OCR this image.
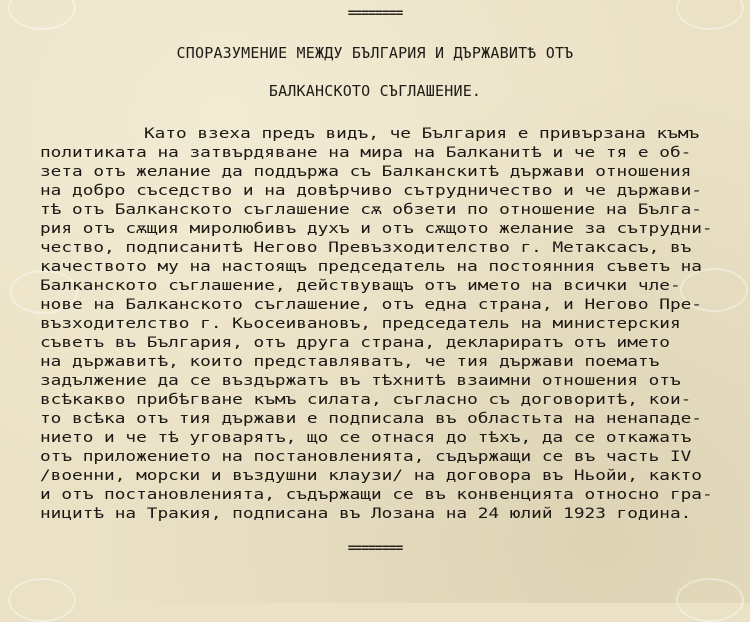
========
СПОРАЗУМЕНИЕ МЕЖДУ БЪЛГАРИЯ И ДЪРЖАВИТѢ ОТЪ
БАЛКАНСКОТО СЪГЛАШЕНИЕ.
Като взеха предъ видъ, че България е привързана къмъ
политиката на затвърдяване на мира на Балканитѣ и че тя е об-
зета отъ желание да поддържа съ Балканскитѣ държави отношения
на добро съседство и на довѣрчиво сътрудничество и че държави-
тѣ отъ Балканското съглашение сѫ обзети по отношение на Бълга-
рия отъ сѫщия миролюбивъ духъ и отъ сѫщото желание за сътрудни-
чество, подписанитѣ Негово Превъзходителство г. Метаксасъ, въ
качеството му на настоящъ председатель на постоянния съветъ на
Балканското съглашение, действуващъ отъ името на всички чле-
нове на Балканското съглашение, отъ една страна, и Негово Пре-
възходителство г. Кьосеивановъ, председатель на министерския
съветъ въ България, отъ друга страна, деклариратъ отъ името
на държавитѣ, които представляватъ, че тия държави поематъ
задължение да се въздържатъ въ тѣхнитѣ взаимни отношения отъ
всѣкакво прибѣгване къмъ силата, съгласно съ договоритѣ, кои-
то всѣка отъ тия държави е подписала въ областьта на ненападе-
нието и че тѣ уговарятъ, що се отнася до тѣхъ, да се откажатъ
отъ приложението на постановленията, съдържащи се въ часть IV
/военни, морски и въздушни клаузи/ на договора въ Ньойи, както
и отъ постановленията, съдържащи се въ конвенцията относно гра-
ницитѣ на Тракия, подписана въ Лозана на 24 юлий 1923 година.
========
